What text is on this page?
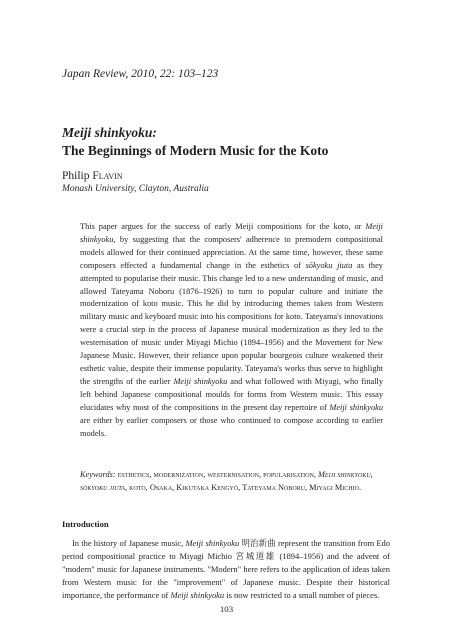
Japan Review, 2010, 22: 103–123
Meiji shinkyoku:
The Beginnings of Modern Music for the Koto
Philip Flavin
Monash University, Clayton, Australia
This paper argues for the success of early Meiji compositions for the koto, or Meiji shinkyoku, by suggesting that the composers' adherence to premodern compositional models allowed for their continued appreciation. At the same time, however, these same composers effected a fundamental change in the esthetics of sōkyoku jiuta as they attempted to popularise their music. This change led to a new understanding of music, and allowed Tateyama Noboru (1876–1926) to turn to popular culture and initiate the modernization of koto music. This he did by introducing themes taken from Western military music and keyboard music into his compositions for koto. Tateyama's innovations were a crucial step in the process of Japanese musical modernization as they led to the westernisation of music under Miyagi Michio (1894–1956) and the Movement for New Japanese Music. However, their reliance upon popular bourgeois culture weakened their esthetic value, despite their immense popularity. Tateyama's works thus serve to highlight the strengths of the earlier Meiji shinkyoku and what followed with Miyagi, who finally left behind Japanese compositional moulds for forms from Western music. This essay elucidates why most of the compositions in the present day repertoire of Meiji shinkyoku are either by earlier composers or those who continued to compose according to earlier models.
Keywords: esthetics, modernization, westernisation, popularisation, Meiji shinkyoku, sōkyoku jiuta, koto, Osaka, Kikutaka Kengyō, Tateyama Noboru, Miyagi Michio.
Introduction
In the history of Japanese music, Meiji shinkyoku 明治新曲 represent the transition from Edo period compositional practice to Miyagi Michio 宮城道雄 (1894–1956) and the advent of "modern" music for Japanese instruments. "Modern" here refers to the application of ideas taken from Western music for the "improvement" of Japanese music. Despite their historical importance, the performance of Meiji shinkyoku is now restricted to a small number of pieces.
103
